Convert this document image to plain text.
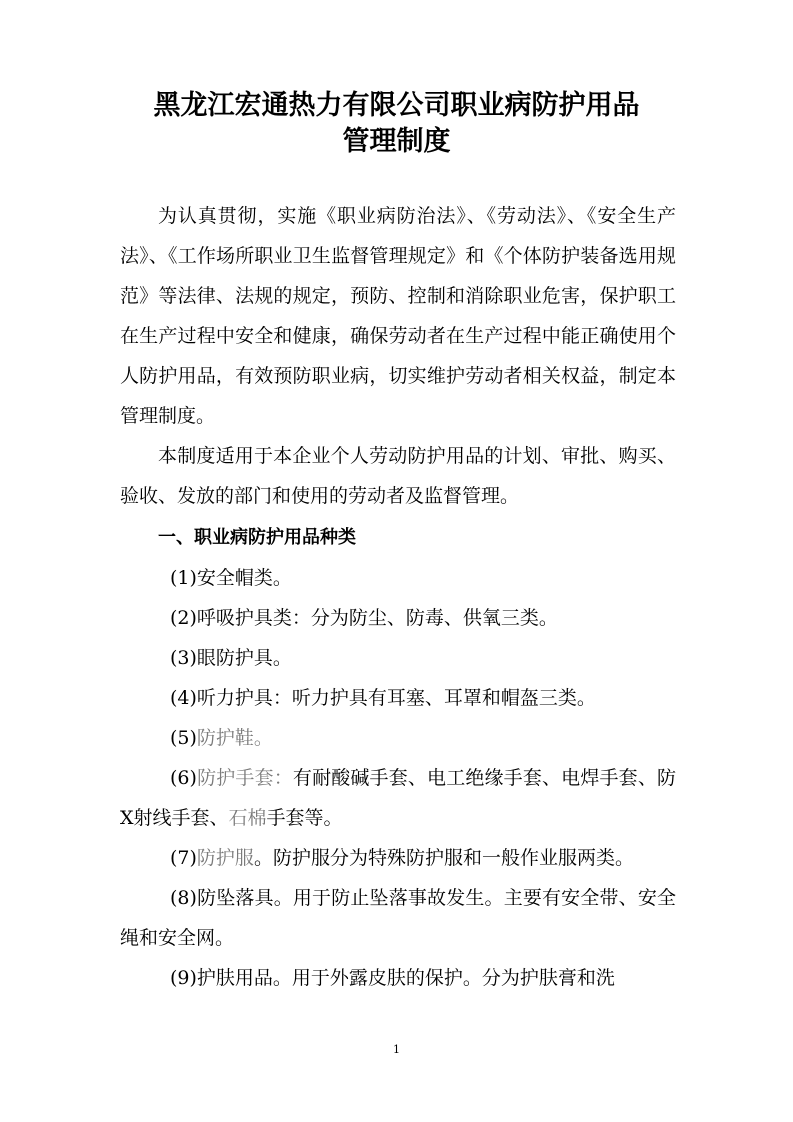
黑龙江宏通热力有限公司职业病防护用品
管理制度

为认真贯彻，实施《职业病防治法》、《劳动法》、《安全生产法》、《工作场所职业卫生监督管理规定》和《个体防护装备选用规范》等法律、法规的规定，预防、控制和消除职业危害，保护职工在生产过程中安全和健康，确保劳动者在生产过程中能正确使用个人防护用品，有效预防职业病，切实维护劳动者相关权益，制定本管理制度。

本制度适用于本企业个人劳动防护用品的计划、审批、购买、验收、发放的部门和使用的劳动者及监督管理。

一、职业病防护用品种类

(1)安全帽类。

(2)呼吸护具类：分为防尘、防毒、供氧三类。

(3)眼防护具。

(4)听力护具：听力护具有耳塞、耳罩和帽盔三类。

(5)防护鞋。

(6)防护手套：有耐酸碱手套、电工绝缘手套、电焊手套、防X射线手套、石棉手套等。

(7)防护服。防护服分为特殊防护服和一般作业服两类。

(8)防坠落具。用于防止坠落事故发生。主要有安全带、安全绳和安全网。

(9)护肤用品。用于外露皮肤的保护。分为护肤膏和洗

1
